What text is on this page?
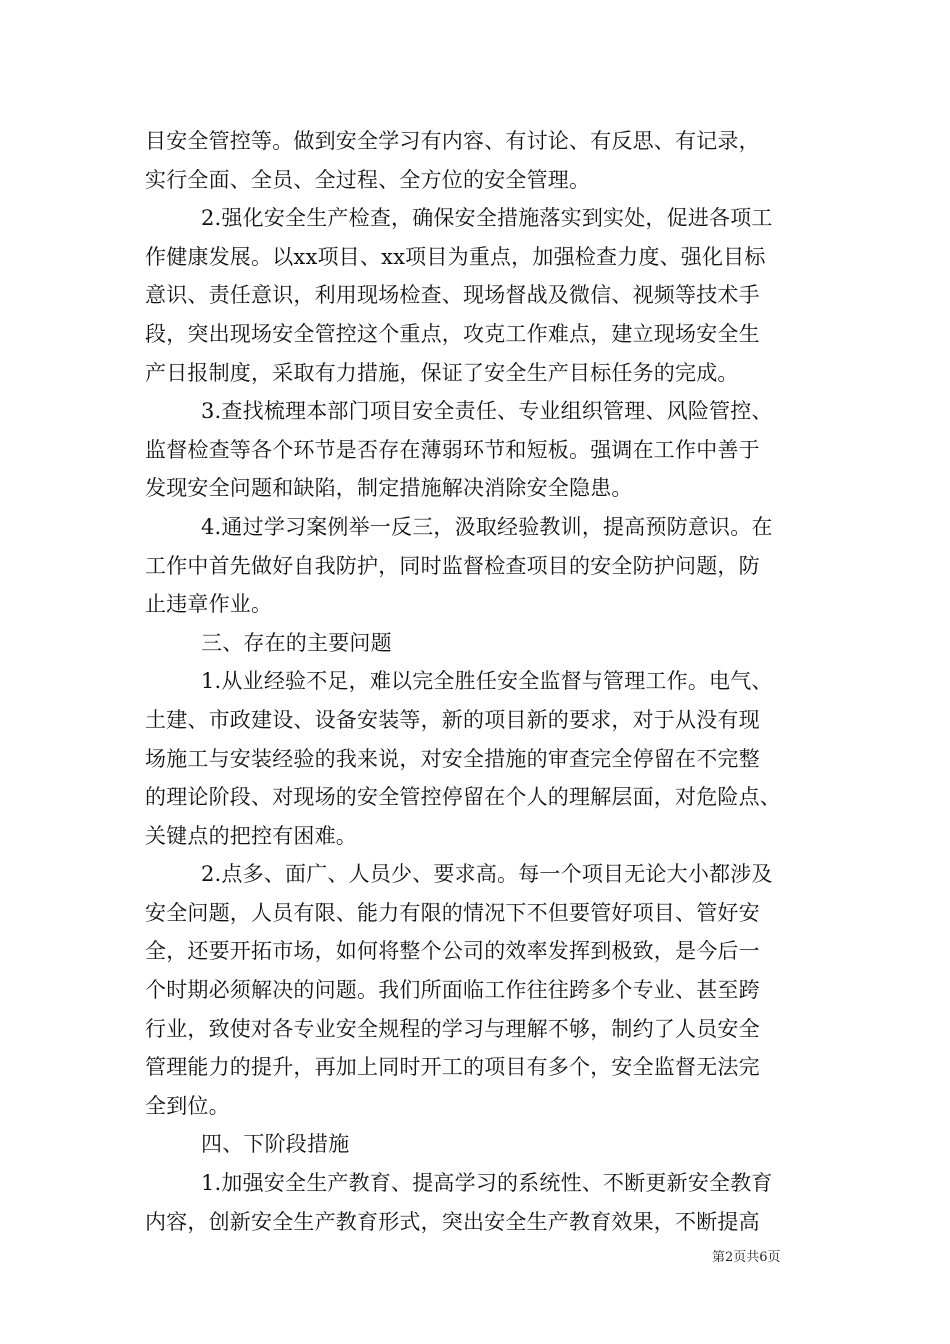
目安全管控等。做到安全学习有内容、有讨论、有反思、有记录，
实行全面、全员、全过程、全方位的安全管理。
2.强化安全生产检查，确保安全措施落实到实处，促进各项工
作健康发展。以xx项目、xx项目为重点，加强检查力度、强化目标
意识、责任意识，利用现场检查、现场督战及微信、视频等技术手
段，突出现场安全管控这个重点，攻克工作难点，建立现场安全生
产日报制度，采取有力措施，保证了安全生产目标任务的完成。
3.查找梳理本部门项目安全责任、专业组织管理、风险管控、
监督检查等各个环节是否存在薄弱环节和短板。强调在工作中善于
发现安全问题和缺陷，制定措施解决消除安全隐患。
4.通过学习案例举一反三，汲取经验教训，提高预防意识。在
工作中首先做好自我防护，同时监督检查项目的安全防护问题，防
止违章作业。
三、存在的主要问题
1.从业经验不足，难以完全胜任安全监督与管理工作。电气、
土建、市政建设、设备安装等，新的项目新的要求，对于从没有现
场施工与安装经验的我来说，对安全措施的审查完全停留在不完整
的理论阶段、对现场的安全管控停留在个人的理解层面，对危险点、
关键点的把控有困难。
2.点多、面广、人员少、要求高。每一个项目无论大小都涉及
安全问题，人员有限、能力有限的情况下不但要管好项目、管好安
全，还要开拓市场，如何将整个公司的效率发挥到极致，是今后一
个时期必须解决的问题。我们所面临工作往往跨多个专业、甚至跨
行业，致使对各专业安全规程的学习与理解不够，制约了人员安全
管理能力的提升，再加上同时开工的项目有多个，安全监督无法完
全到位。
四、下阶段措施
1.加强安全生产教育、提高学习的系统性、不断更新安全教育
内容，创新安全生产教育形式，突出安全生产教育效果，不断提高
第2页共6页
